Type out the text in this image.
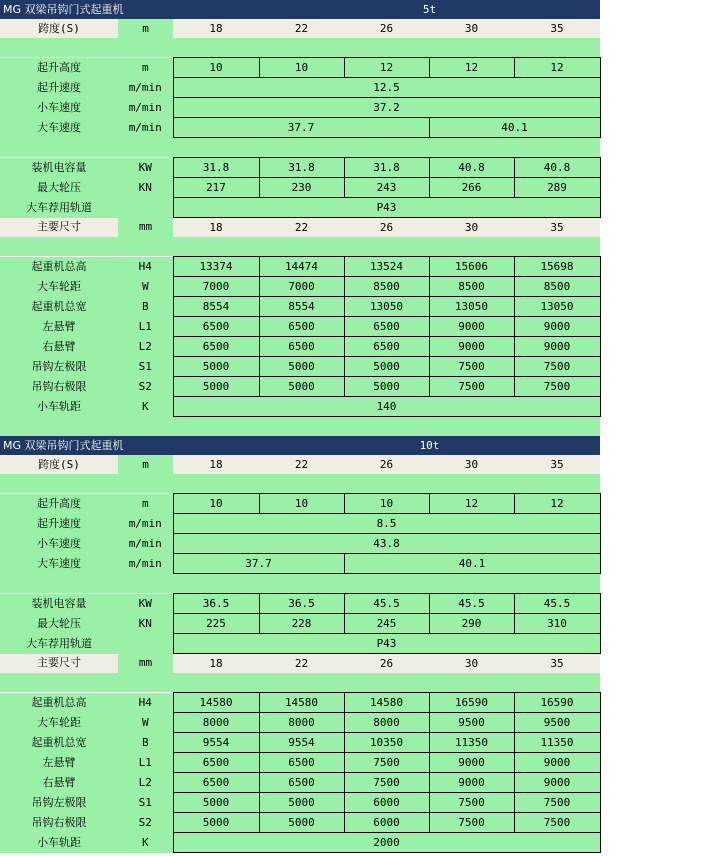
MG 双梁吊钩门式起重机			5t			
跨度(S)	m	18	22	26	30	35

起升高度	m	10	10	12	12	12
起升速度	m/min	12.5				
小车速度	m/min	37.2				
大车速度	m/min	37.7			40.1	

装机电容量	KW	31.8	31.8	31.8	40.8	40.8
最大轮压	KN	217	230	243	266	289
大车荐用轨道		P43				
主要尺寸	mm	18	22	26	30	35

起重机总高	H4	13374	14474	13524	15606	15698
大车轮距	W	7000	7000	8500	8500	8500
起重机总宽	B	8554	8554	13050	13050	13050
左悬臂	L1	6500	6500	6500	9000	9000
右悬臂	L2	6500	6500	6500	9000	9000
吊钩左极限	S1	5000	5000	5000	7500	7500
吊钩右极限	S2	5000	5000	5000	7500	7500
小车轨距	K	140				

MG 双梁吊钩门式起重机			10t			
跨度(S)	m	18	22	26	30	35

起升高度	m	10	10	10	12	12
起升速度	m/min	8.5				
小车速度	m/min	43.8				
大车速度	m/min	37.7		40.1		

装机电容量	KW	36.5	36.5	45.5	45.5	45.5
最大轮压	KN	225	228	245	290	310
大车荐用轨道		P43				
主要尺寸	mm	18	22	26	30	35

起重机总高	H4	14580	14580	14580	16590	16590
大车轮距	W	8000	8000	8000	9500	9500
起重机总宽	B	9554	9554	10350	11350	11350
左悬臂	L1	6500	6500	7500	9000	9000
右悬臂	L2	6500	6500	7500	9000	9000
吊钩左极限	S1	5000	5000	6000	7500	7500
吊钩右极限	S2	5000	5000	6000	7500	7500
小车轨距	K	2000				
